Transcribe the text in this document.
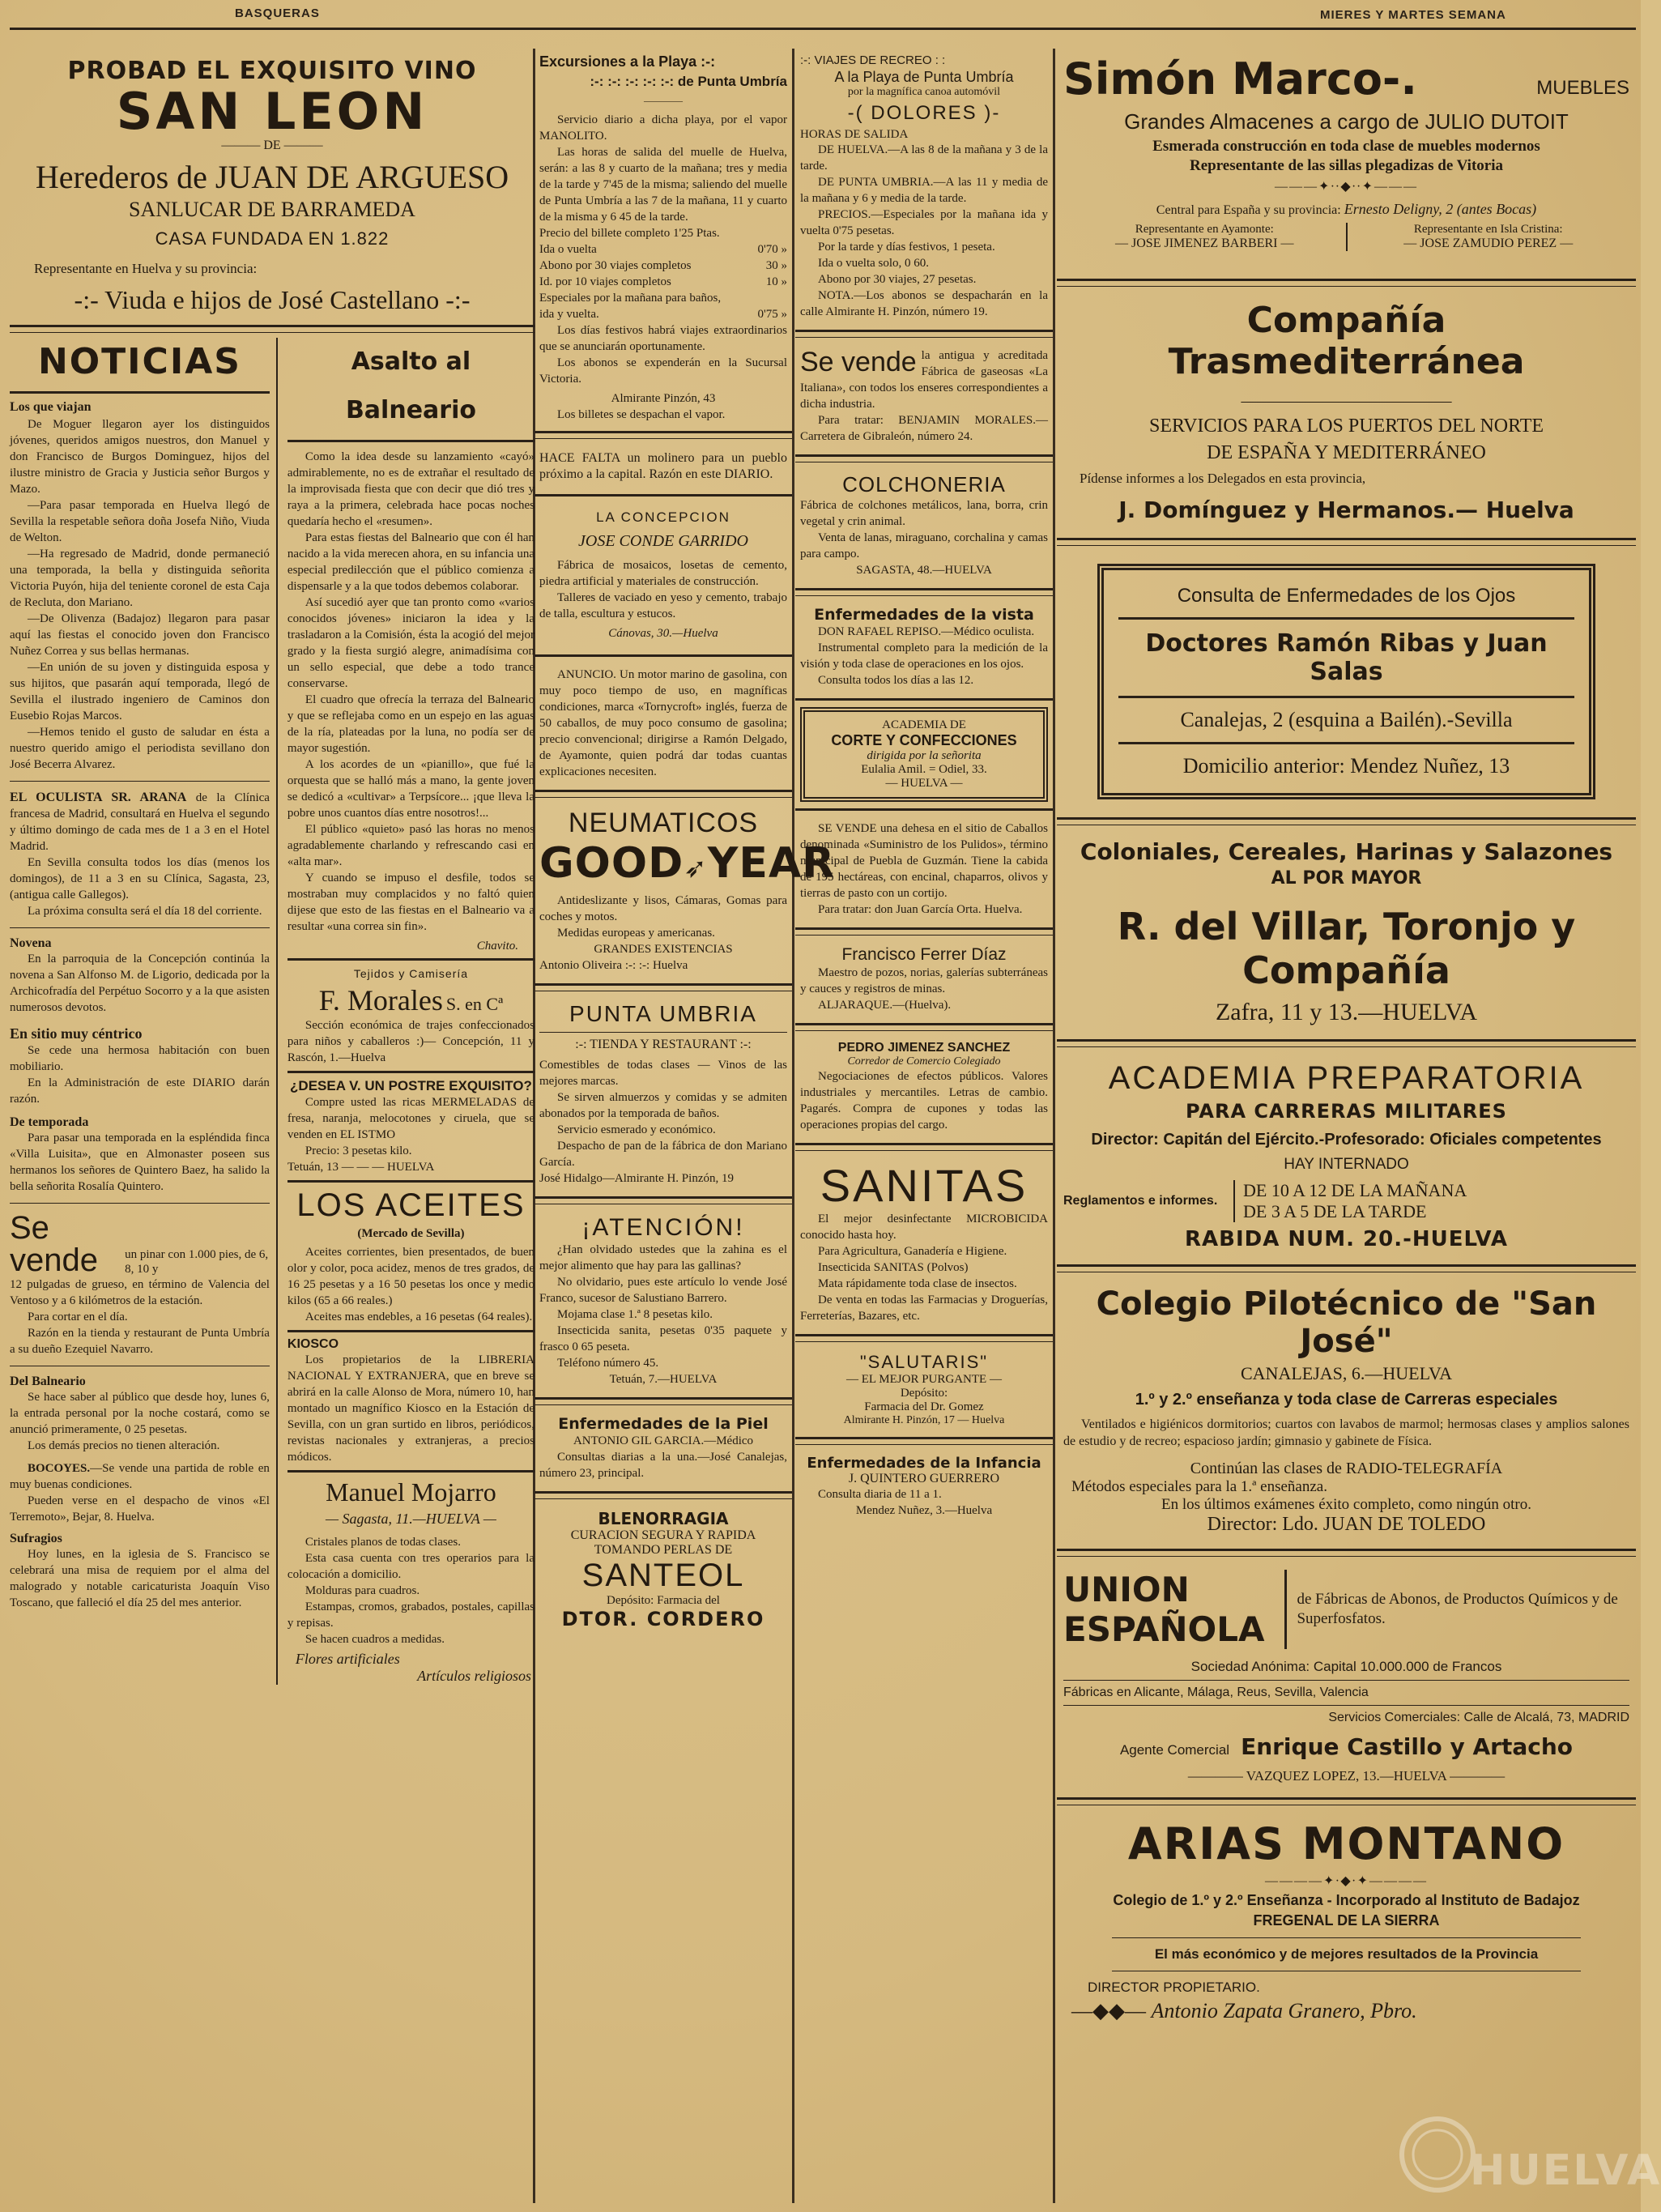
BASQUERAS	MIERES Y MARTES SEMANA
PROBAD EL EXQUISITO VINO
SAN LEON
——— DE ———
Herederos de JUAN DE ARGUESO
SANLUCAR DE BARRAMEDA
CASA FUNDADA EN 1.822
Representante en Huelva y su provincia:
-:- Viuda e hijos de José Castellano -:-
NOTICIAS
Los que viajan

De Moguer llegaron ayer los distinguidos jóvenes, queridos amigos nuestros, don Manuel y don Francisco de Burgos Dominguez, hijos del ilustre ministro de Gracia y Justicia señor Burgos y Mazo.

—Para pasar temporada en Huelva llegó de Sevilla la respetable señora doña Josefa Niño, Viuda de Welton.

—Ha regresado de Madrid, donde permaneció una temporada, la bella y distinguida señorita Victoria Puyón, hija del teniente coronel de esta Caja de Recluta, don Mariano.

—De Olivenza (Badajoz) llegaron para pasar aquí las fiestas el conocido joven don Francisco Nuñez Correa y sus bellas hermanas.

—En unión de su joven y distinguida esposa y sus hijitos, que pasarán aquí temporada, llegó de Sevilla el ilustrado ingeniero de Caminos don Eusebio Rojas Marcos.

—Hemos tenido el gusto de saludar en ésta a nuestro querido amigo el periodista sevillano don José Becerra Alvarez.

EL OCULISTA SR. ARANA de la Clínica francesa de Madrid, consultará en Huelva el segundo y último domingo de cada mes de 1 a 3 en el Hotel Madrid.

En Sevilla consulta todos los días (menos los domingos), de 11 a 3 en su Clínica, Sagasta, 23, (antigua calle Gallegos).

La próxima consulta será el día 18 del corriente.

Novena

En la parroquia de la Concepción continúa la novena a San Alfonso M. de Ligorio, dedicada por la Archicofradía del Perpétuo Socorro y a la que asisten numerosos devotos.

En sitio muy céntrico

Se cede una hermosa habitación con buen mobiliario.

En la Administración de este DIARIO darán razón.

De temporada

Para pasar una temporada en la espléndida finca «Villa Luisita», que en Almonaster poseen sus hermanos los señores de Quintero Baez, ha salido la bella señorita Rosalía Quintero.

Se vende	un pinar con 1.000 pies, de 6, 8, 10 y

12 pulgadas de grueso, en término de Valencia del Ventoso y a 6 kilómetros de la estación.

Para cortar en el día.

Razón en la tienda y restaurant de Punta Umbría a su dueño Ezequiel Navarro.

Del Balneario

Se hace saber al público que desde hoy, lunes 6, la entrada personal por la noche costará, como se anunció primeramente, 0 25 pesetas.

Los demás precios no tienen alteración.

BOCOYES.—Se vende una partida de roble en muy buenas condiciones.

Pueden verse en el despacho de vinos «El Terremoto», Bejar, 8. Huelva.

Sufragios

Hoy lunes, en la iglesia de S. Francisco se celebrará una misa de requiem por el alma del malogrado y notable caricaturista Joaquín Viso Toscano, que falleció el día 25 del mes anterior.

Asalto al Balneario

Como la idea desde su lanzamiento «cayó» admirablemente, no es de extrañar el resultado de la improvisada fiesta que con decir que dió tres y raya a la primera, celebrada hace pocas noches quedaría hecho el «resumen».

Para estas fiestas del Balneario que con él han nacido a la vida merecen ahora, en su infancia una especial predilección que el público comienza a dispensarle y a la que todos debemos colaborar.

Así sucedió ayer que tan pronto como «varios conocidos jóvenes» iniciaron la idea y la trasladaron a la Comisión, ésta la acogió del mejor grado y la fiesta surgió alegre, animadísima con un sello especial, que debe a todo trance conservarse.

El cuadro que ofrecía la terraza del Balneario y que se reflejaba como en un espejo en las aguas de la ría, plateadas por la luna, no podía ser de mayor sugestión.

A los acordes de un «pianillo», que fué la orquesta que se halló más a mano, la gente joven se dedicó a «cultivar» a Terpsícore... ¡que lleva la pobre unos cuantos días entre nosotros!...

El público «quieto» pasó las horas no menos agradablemente charlando y refrescando casi en «alta mar».

Y cuando se impuso el desfile, todos se mostraban muy complacidos y no faltó quien dijese que esto de las fiestas en el Balneario va a resultar «una correa sin fin».

Chavito.
Tejidos y Camisería
F. Morales S. en Cª

Sección económica de trajes confeccionados para niños y caballeros :)— Concepción, 11 y Rascón, 1.—Huelva

¿DESEA V. UN POSTRE EXQUISITO?

Compre usted las ricas MERMELADAS de fresa, naranja, melocotones y ciruela, que se venden en EL ISTMO

Precio: 3 pesetas kilo.

Tetuán, 13 — — — HUELVA

LOS ACEITES
(Mercado de Sevilla)

Aceites corrientes, bien presentados, de buen olor y color, poca acidez, menos de tres grados, de 16 25 pesetas y a 16 50 pesetas los once y medio kilos (65 a 66 reales.)

Aceites mas endebles, a 16 pesetas (64 reales).

KIOSCO

Los propietarios de la LIBRERIA NACIONAL Y EXTRANJERA, que en breve se abrirá en la calle Alonso de Mora, número 10, han montado un magnífico Kiosco en la Estación de Sevilla, con un gran surtido en libros, periódicos, revistas nacionales y extranjeras, a precios módicos.

Manuel Mojarro
— Sagasta, 11.—HUELVA —

Cristales planos de todas clases.

Esta casa cuenta con tres operarios para la colocación a domicilio.

Molduras para cuadros.

Estampas, cromos, grabados, postales, capillas y repisas.

Se hacen cuadros a medidas.

Flores artificiales
Artículos religiosos
Excursiones a la Playa :-:
:-: :-: :-: :-: :-: de Punta Umbría
————

Servicio diario a dicha playa, por el vapor MANOLITO.

Las horas de salida del muelle de Huelva, serán: a las 8 y cuarto de la mañana; tres y media de la tarde y 7'45 de la misma; saliendo del muelle de Punta Umbría a las 7 de la mañana, 11 y cuarto de la misma y 6 45 de la tarde.

Precio del billete completo 1'25 Ptas.
Ida o vuelta	0'70 »
Abono por 30 viajes completos	30 »
Id. por 10 viajes completos	10 »
Especiales por la mañana para baños, ida y vuelta.	0'75 »

Los días festivos habrá viajes extraordinarios que se anunciarán oportunamente.

Los abonos se expenderán en la Sucursal Victoria.

Almirante Pinzón, 43

Los billetes se despachan el vapor.

HACE FALTA un molinero para un pueblo próximo a la capital. Razón en este DIARIO.

LA CONCEPCION
JOSE CONDE GARRIDO

Fábrica de mosaicos, losetas de cemento, piedra artificial y materiales de construcción.

Talleres de vaciado en yeso y cemento, trabajo de talla, escultura y estucos.

Cánovas, 30.—Huelva

ANUNCIO. Un motor marino de gasolina, con muy poco tiempo de uso, en magníficas condiciones, marca «Tornycroft» inglés, fuerza de 50 caballos, de muy poco consumo de gasolina; precio convencional; dirigirse a Ramón Delgado, de Ayamonte, quien podrá dar todas cuantas explicaciones necesiten.

NEUMATICOS
GOOD➶YEAR

Antideslizante y lisos, Cámaras, Gomas para coches y motos.

Medidas europeas y americanas.

GRANDES EXISTENCIAS

Antonio Oliveira :-: :-: Huelva

PUNTA UMBRIA
:-: TIENDA Y RESTAURANT :-:

Comestibles de todas clases — Vinos de las mejores marcas.

Se sirven almuerzos y comidas y se admiten abonados por la temporada de baños.

Servicio esmerado y económico.

Despacho de pan de la fábrica de don Mariano García.

José Hidalgo—Almirante H. Pinzón, 19

¡ATENCIÓN!

¿Han olvidado ustedes que la zahina es el mejor alimento que hay para las gallinas?

No olvidario, pues este artículo lo vende José Franco, sucesor de Salustiano Barrero.

Mojama clase 1.ª 8 pesetas kilo.

Insecticida sanita, pesetas 0'35 paquete y frasco 0 65 peseta.

Teléfono número 45.

Tetuán, 7.—HUELVA

Enfermedades de la Piel

ANTONIO GIL GARCIA.—Médico

Consultas diarias a la una.—José Canalejas, número 23, principal.

BLENORRAGIA
CURACION SEGURA Y RAPIDA
TOMANDO PERLAS DE
SANTEOL
Depósito: Farmacia del
DTOR. CORDERO
:-: VIAJES DE RECREO : :
A la Playa de Punta Umbría
por la magnífica canoa automóvil
-( DOLORES )-
HORAS DE SALIDA

DE HUELVA.—A las 8 de la mañana y 3 de la tarde.

DE PUNTA UMBRIA.—A las 11 y media de la mañana y 6 y media de la tarde.

PRECIOS.—Especiales por la mañana ida y vuelta 0'75 pesetas.

Por la tarde y días festivos, 1 peseta.

Ida o vuelta solo, 0 60.

Abono por 30 viajes, 27 pesetas.

NOTA.—Los abonos se despacharán en la calle Almirante H. Pinzón, número 19.

Se vende la antigua y acreditada Fábrica de gaseosas «La Italiana», con todos los enseres correspondientes a dicha industria.

Para tratar: BENJAMIN MORALES.—Carretera de Gibraleón, número 24.

COLCHONERIA

Fábrica de colchones metálicos, lana, borra, crin vegetal y crin animal.

Venta de lanas, miraguano, corchalina y camas para campo.

SAGASTA, 48.—HUELVA

Enfermedades de la vista

DON RAFAEL REPISO.—Médico oculista.

Instrumental completo para la medición de la visión y toda clase de operaciones en los ojos.

Consulta todos los días a las 12.

ACADEMIA DE
CORTE Y CONFECCIONES
dirigida por la señorita
Eulalia Amil. = Odiel, 33.
— HUELVA —

SE VENDE una dehesa en el sitio de Caballos denominada «Suministro de los Pulidos», término municipal de Puebla de Guzmán. Tiene la cabida de 195 hectáreas, con encinal, chaparros, olivos y tierras de pasto con un cortijo.

Para tratar: don Juan García Orta. Huelva.

Francisco Ferrer Díaz

Maestro de pozos, norias, galerías subterráneas y cauces y registros de minas.

ALJARAQUE.—(Huelva).

PEDRO JIMENEZ SANCHEZ
Corredor de Comercio Colegiado

Negociaciones de efectos públicos. Valores industriales y mercantiles. Letras de cambio. Pagarés. Compra de cupones y todas las operaciones propias del cargo.

SANITAS

El mejor desinfectante MICROBICIDA conocido hasta hoy.

Para Agricultura, Ganadería e Higiene.

Insecticida SANITAS (Polvos)

Mata rápidamente toda clase de insectos.

De venta en todas las Farmacias y Droguerías, Ferreterías, Bazares, etc.

"SALUTARIS"
— EL MEJOR PURGANTE —
Depósito:
Farmacia del Dr. Gomez
Almirante H. Pinzón, 17 — Huelva
Enfermedades de la Infancia
J. QUINTERO GUERRERO

Consulta diaria de 11 a 1.

Mendez Nuñez, 3.—Huelva

Simón Marco-.	MUEBLES
Grandes Almacenes a cargo de JULIO DUTOIT
Esmerada construcción en toda clase de muebles modernos
Representante de las sillas plegadizas de Vitoria
———✦∙∙◆∙∙✦———
Central para España y su provincia: Ernesto Deligny, 2 (antes Bocas)
Representante en Ayamonte:
— JOSE JIMENEZ BARBERI —
Representante en Isla Cristina:
— JOSE ZAMUDIO PEREZ —
Compañía Trasmediterránea
—————————————
SERVICIOS PARA LOS PUERTOS DEL NORTE
DE ESPAÑA Y MEDITERRÁNEO
Pídense informes a los Delegados en esta provincia,
J. Domínguez y Hermanos.— Huelva
Consulta de Enfermedades de los Ojos
Doctores Ramón Ribas y Juan Salas
Canalejas, 2 (esquina a Bailén).-Sevilla
Domicilio anterior: Mendez Nuñez, 13
Coloniales, Cereales, Harinas y Salazones
AL POR MAYOR
R. del Villar, Toronjo y Compañía
Zafra, 11 y 13.—HUELVA
ACADEMIA PREPARATORIA
PARA CARRERAS MILITARES
Director: Capitán del Ejército.-Profesorado: Oficiales competentes
HAY INTERNADO
Reglamentos e informes.
DE 10 A 12 DE LA MAÑANA
DE 3 A 5 DE LA TARDE
RABIDA NUM. 20.-HUELVA
Colegio Pilotécnico de "San José"
CANALEJAS, 6.—HUELVA
1.º y 2.º enseñanza y toda clase de Carreras especiales

Ventilados e higiénicos dormitorios; cuartos con lavabos de marmol; hermosas clases y amplios salones de estudio y de recreo; espacioso jardín; gimnasio y gabinete de Física.

Continúan las clases de RADIO-TELEGRAFÍA
Métodos especiales para la 1.ª enseñanza.
En los últimos exámenes éxito completo, como ningún otro.
Director: Ldo. JUAN DE TOLEDO
UNION ESPAÑOLA
de Fábricas de Abonos, de Productos Químicos y de Superfosfatos.
Sociedad Anónima: Capital 10.000.000 de Francos
Fábricas en Alicante, Málaga, Reus, Sevilla, Valencia
Servicios Comerciales: Calle de Alcalá, 73, MADRID
Agente Comercial Enrique Castillo y Artacho
———— VAZQUEZ LOPEZ, 13.—HUELVA ————
ARIAS MONTANO
————✦∙◆∙✦————
Colegio de 1.º y 2.º Enseñanza - Incorporado al Instituto de Badajoz
FREGENAL DE LA SIERRA
El más económico y de mejores resultados de la Provincia
DIRECTOR PROPIETARIO.
—◆◆— Antonio Zapata Granero, Pbro.
HUELVA
